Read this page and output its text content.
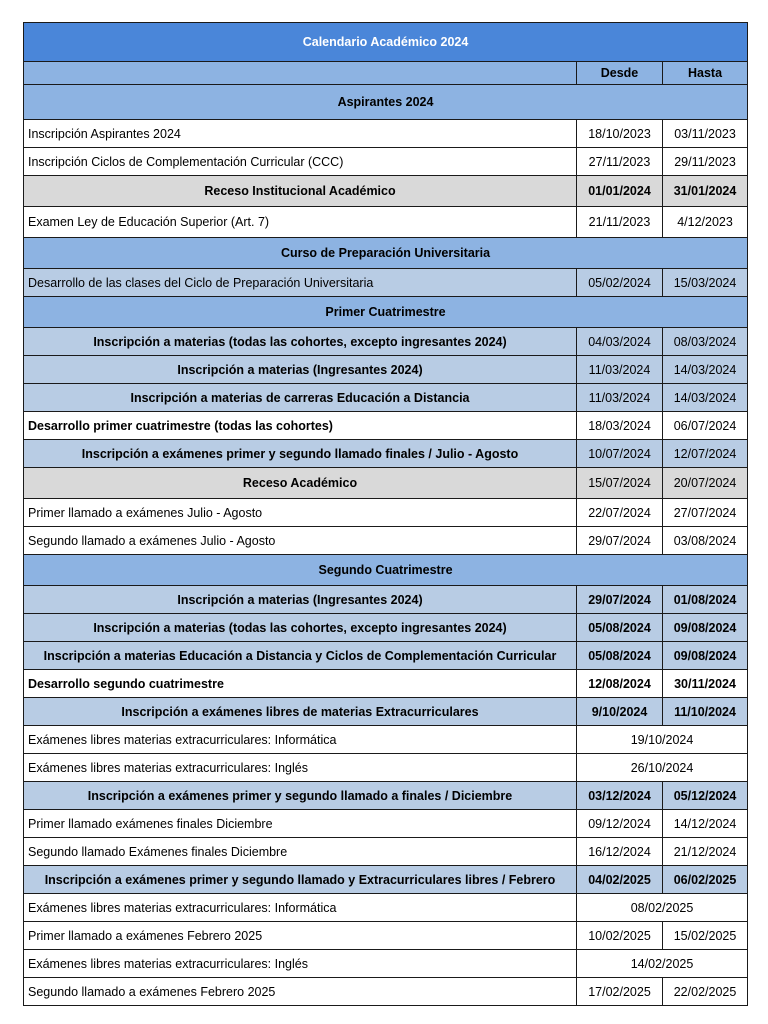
Calendario Académico 2024		
	Desde	Hasta
Aspirantes 2024		
Inscripción Aspirantes 2024	18/10/2023	03/11/2023
Inscripción Ciclos de Complementación Curricular (CCC)	27/11/2023	29/11/2023
Receso Institucional Académico	01/01/2024	31/01/2024
Examen Ley de Educación Superior (Art. 7)	21/11/2023	4/12/2023
Curso de Preparación Universitaria		
Desarrollo de las clases del Ciclo de Preparación Universitaria	05/02/2024	15/03/2024
Primer Cuatrimestre		
Inscripción a materias (todas las cohortes, excepto ingresantes 2024)	04/03/2024	08/03/2024
Inscripción a materias (Ingresantes 2024)	11/03/2024	14/03/2024
Inscripción a materias de carreras Educación a Distancia	11/03/2024	14/03/2024
Desarrollo primer cuatrimestre (todas las cohortes)	18/03/2024	06/07/2024
Inscripción a exámenes primer y segundo llamado finales / Julio - Agosto	10/07/2024	12/07/2024
Receso Académico	15/07/2024	20/07/2024
Primer llamado a exámenes Julio - Agosto	22/07/2024	27/07/2024
Segundo llamado a exámenes Julio - Agosto	29/07/2024	03/08/2024
Segundo Cuatrimestre		
Inscripción a materias (Ingresantes 2024)	29/07/2024	01/08/2024
Inscripción a materias (todas las cohortes, excepto ingresantes 2024)	05/08/2024	09/08/2024
Inscripción a materias Educación a Distancia y Ciclos de Complementación Curricular	05/08/2024	09/08/2024
Desarrollo segundo cuatrimestre	12/08/2024	30/11/2024
Inscripción a exámenes libres de materias Extracurriculares	9/10/2024	11/10/2024
Exámenes libres materias extracurriculares: Informática	19/10/2024	
Exámenes libres materias extracurriculares: Inglés	26/10/2024	
Inscripción a exámenes primer y segundo llamado a finales / Diciembre	03/12/2024	05/12/2024
Primer llamado exámenes finales Diciembre	09/12/2024	14/12/2024
Segundo llamado Exámenes finales Diciembre	16/12/2024	21/12/2024
Inscripción a exámenes primer y segundo llamado y Extracurriculares libres / Febrero	04/02/2025	06/02/2025
Exámenes libres materias extracurriculares: Informática	08/02/2025	
Primer llamado a exámenes Febrero 2025	10/02/2025	15/02/2025
Exámenes libres materias extracurriculares: Inglés	14/02/2025	
Segundo llamado a exámenes Febrero 2025	17/02/2025	22/02/2025
